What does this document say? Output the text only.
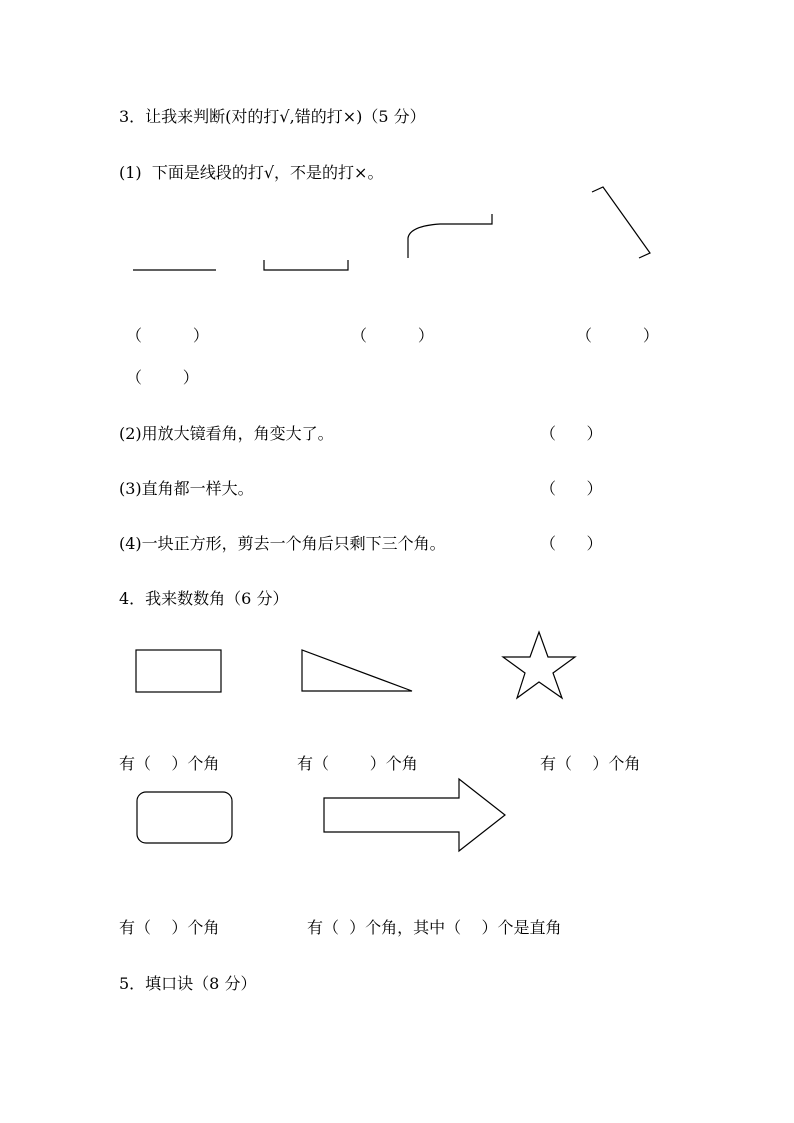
3．让我来判断(对的打√,错的打×)（5 分）
(1)  下面是线段的打√，不是的打×。
（          ）	（          ）	（          ）
（        ）
(2)用放大镜看角，角变大了。	（      ）
(3)直角都一样大。	（      ）
(4)一块正方形，剪去一个角后只剩下三个角。	（      ）
4．我来数数角（6 分）
有（    ）个角	有（        ）个角	有（    ）个角
有（    ）个角	有（  ）个角，其中（    ）个是直角
5．填口诀（8 分）
